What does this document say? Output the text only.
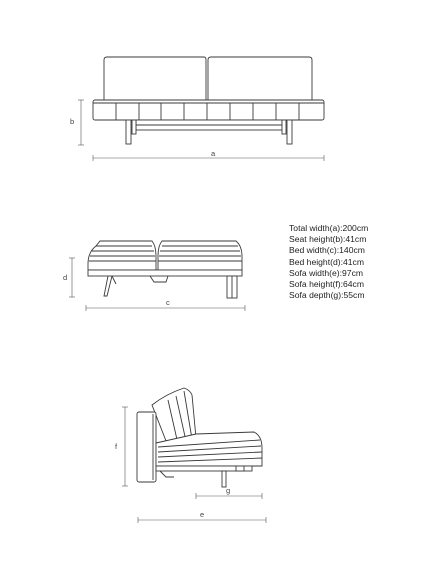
b
a
d
c
f
g
e
Total width(a):200cm
Seat height(b):41cm
Bed width(c):140cm
Bed height(d):41cm
Sofa width(e):97cm
Sofa height(f):64cm
Sofa depth(g):55cm
